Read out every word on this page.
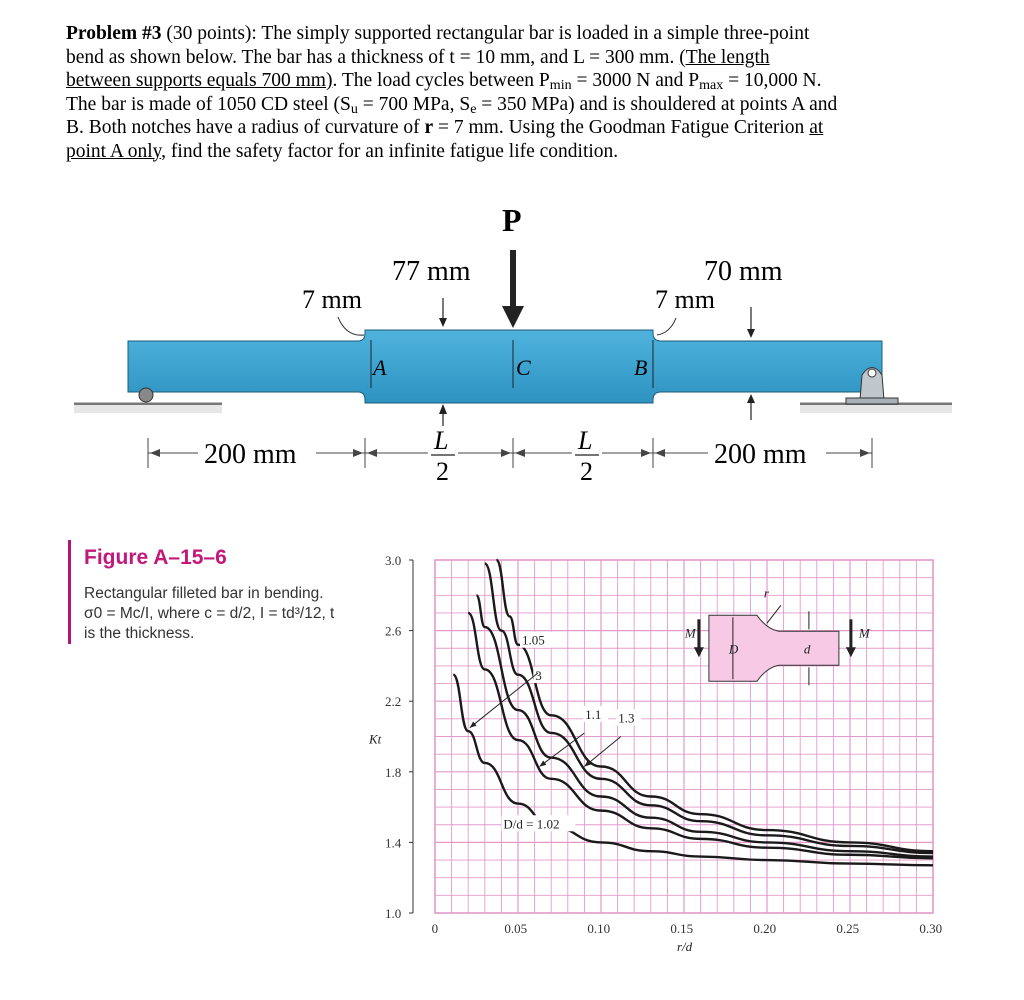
Problem #3 (30 points): The simply supported rectangular bar is loaded in a simple three-point
bend as shown below. The bar has a thickness of t = 10 mm, and L = 300 mm. (The length
between supports equals 700 mm). The load cycles between $P_{min} = 3000$ N and $P_{max} = 10,000$ N.
The bar is made of 1050 CD steel ($S_u = 700$ MPa, $S_e = 350$ MPa) and is shouldered at points A and
B. Both notches have a radius of curvature of r = 7 mm. Using the Goodman Fatigue Criterion at
point A only, find the safety factor for an infinite fatigue life condition.
A	C	B
P
77 mm	70 mm
7 mm	7 mm
200 mm	200 mm
L
2
L
2
Figure A–15–6
Rectangular filleted bar in bending. σ0 = Mc/I, where c = d/2, I = td³/12, t is the thickness.
1.0
1.4
1.8
2.2
2.6
3.0
0	0.05	0.10	0.15	0.20	0.25	0.30
r/d
Kt
1.05
3
1.1 1.3
D/d = 1.02
D	d
M	M
r
